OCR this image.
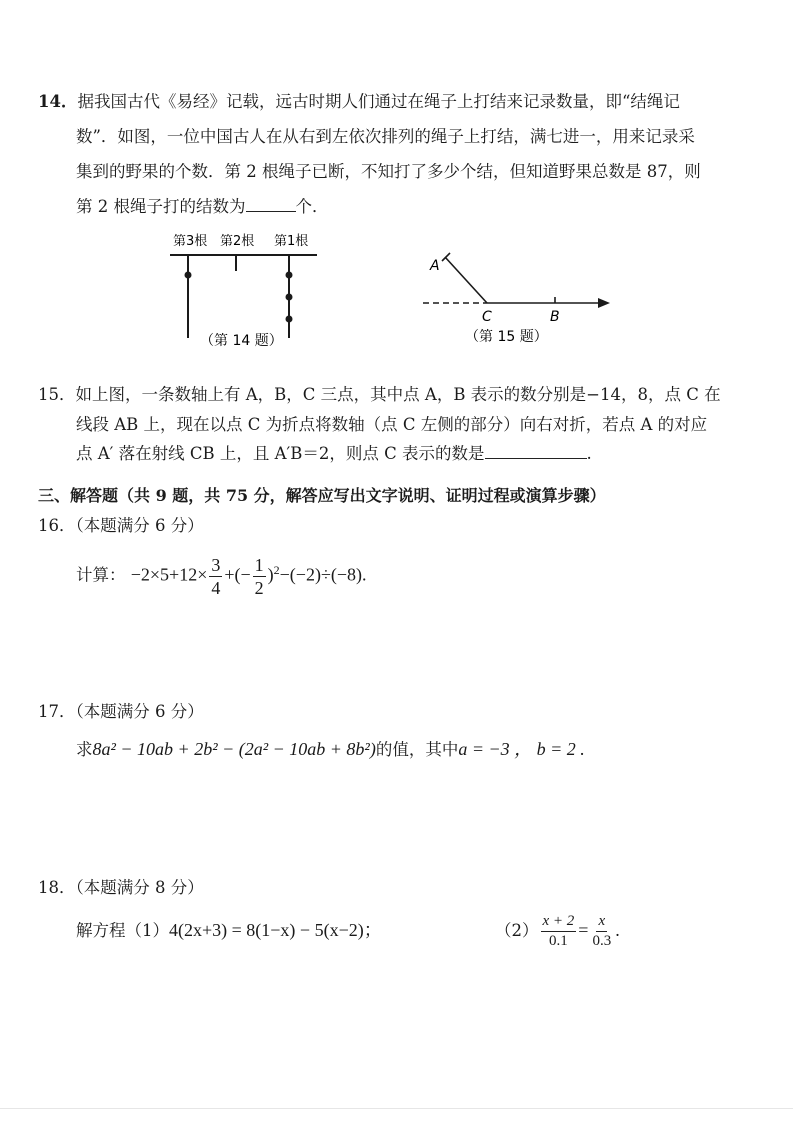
14．据我国古代《易经》记载，远古时期人们通过在绳子上打结来记录数量，即“结绳记
数”．如图，一位中国古人在从右到左依次排列的绳子上打结，满七进一，用来记录采
集到的野果的个数．第 2 根绳子已断，不知打了多少个结，但知道野果总数是 87，则
第 2 根绳子打的结数为	个．
第3根 第2根 第1根
（第 14 题）
A
C	B
（第 15 题）
15．如上图，一条数轴上有 A，B，C 三点，其中点 A，B 表示的数分别是−14，8，点 C 在
线段 AB 上，现在以点 C 为折点将数轴（点 C 左侧的部分）向右对折，若点 A 的对应
点 A′ 落在射线 CB 上，且 A′B＝2，则点 C 表示的数是	.
三、解答题（共 9 题，共 75 分，解答应写出文字说明、证明过程或演算步骤）
16．（本题满分 6 分）
计算： $-2\times 5+12\times \frac{3}{4}$ +(− $\frac{1}{2} )^2-(-2)\div(-8)$.
17．（本题满分 6 分）
求8a² − 10ab + 2b² − (2a² − 10ab + 8b²)的值，其中a = −3 ， b = 2 .
18．（本题满分 8 分）
解方程（1）4(2x+3) = 8(1−x) − 5(x−2)；	$(2) \frac{x + 2}{0.1} = \frac{x}{0.3}$ .
